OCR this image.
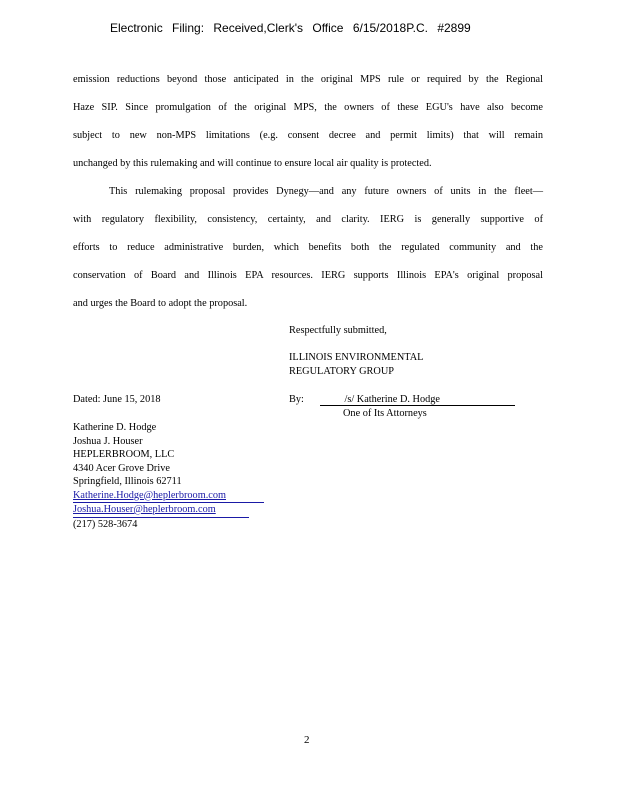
Electronic Filing: Received,Clerk's Office 6/15/2018P.C. #2899
emission reductions beyond those anticipated in the original MPS rule or required by the Regional
Haze SIP. Since promulgation of the original MPS, the owners of these EGU's have also become
subject to new non-MPS limitations (e.g. consent decree and permit limits) that will remain
unchanged by this rulemaking and will continue to ensure local air quality is protected.
This rulemaking proposal provides Dynegy—and any future owners of units in the fleet—
with regulatory flexibility, consistency, certainty, and clarity. IERG is generally supportive of
efforts to reduce administrative burden, which benefits both the regulated community and the
conservation of Board and Illinois EPA resources. IERG supports Illinois EPA's original proposal
and urges the Board to adopt the proposal.
Respectfully submitted,
ILLINOIS ENVIRONMENTAL
REGULATORY GROUP
Dated: June 15, 2018	By:	/s/ Katherine D. Hodge
One of Its Attorneys
Katherine D. Hodge
Joshua J. Houser
HEPLERBROOM, LLC
4340 Acer Grove Drive
Springfield, Illinois 62711
Katherine.Hodge@heplerbroom.com
Joshua.Houser@heplerbroom.com
(217) 528-3674
2
